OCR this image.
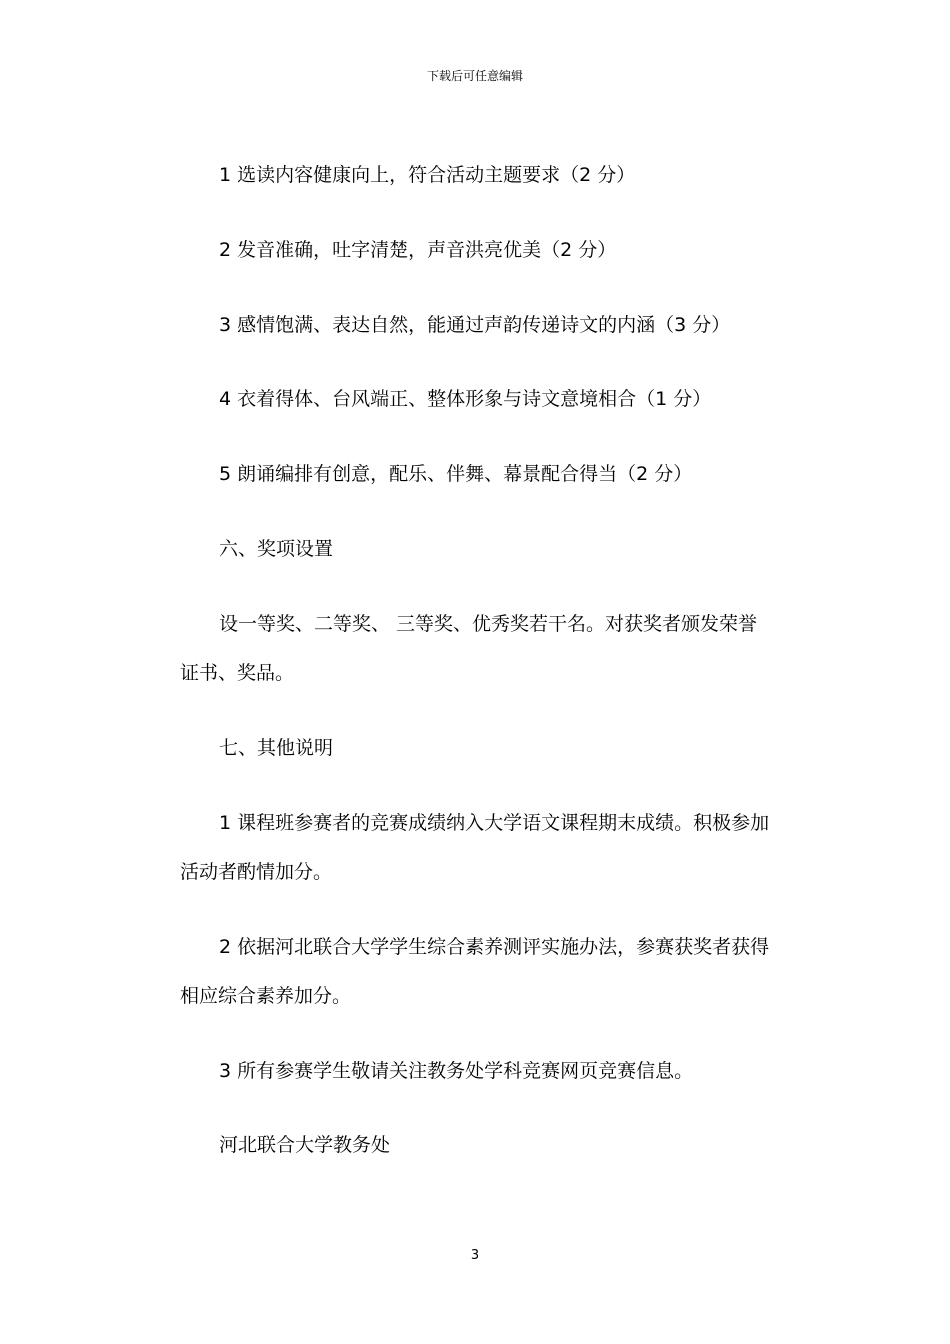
下载后可任意编辑
1 选读内容健康向上，符合活动主题要求（2 分）
2 发音准确，吐字清楚，声音洪亮优美（2 分）
3 感情饱满、表达自然，能通过声韵传递诗文的内涵（3 分）
4 衣着得体、台风端正、整体形象与诗文意境相合（1 分）
5 朗诵编排有创意，配乐、伴舞、幕景配合得当（2 分）
六、奖项设置
设一等奖、二等奖、 三等奖、优秀奖若干名。对获奖者颁发荣誉
证书、奖品。
七、其他说明
1 课程班参赛者的竞赛成绩纳入大学语文课程期末成绩。积极参加
活动者酌情加分。
2 依据河北联合大学学生综合素养测评实施办法，参赛获奖者获得
相应综合素养加分。
3 所有参赛学生敬请关注教务处学科竞赛网页竞赛信息。
河北联合大学教务处
3
